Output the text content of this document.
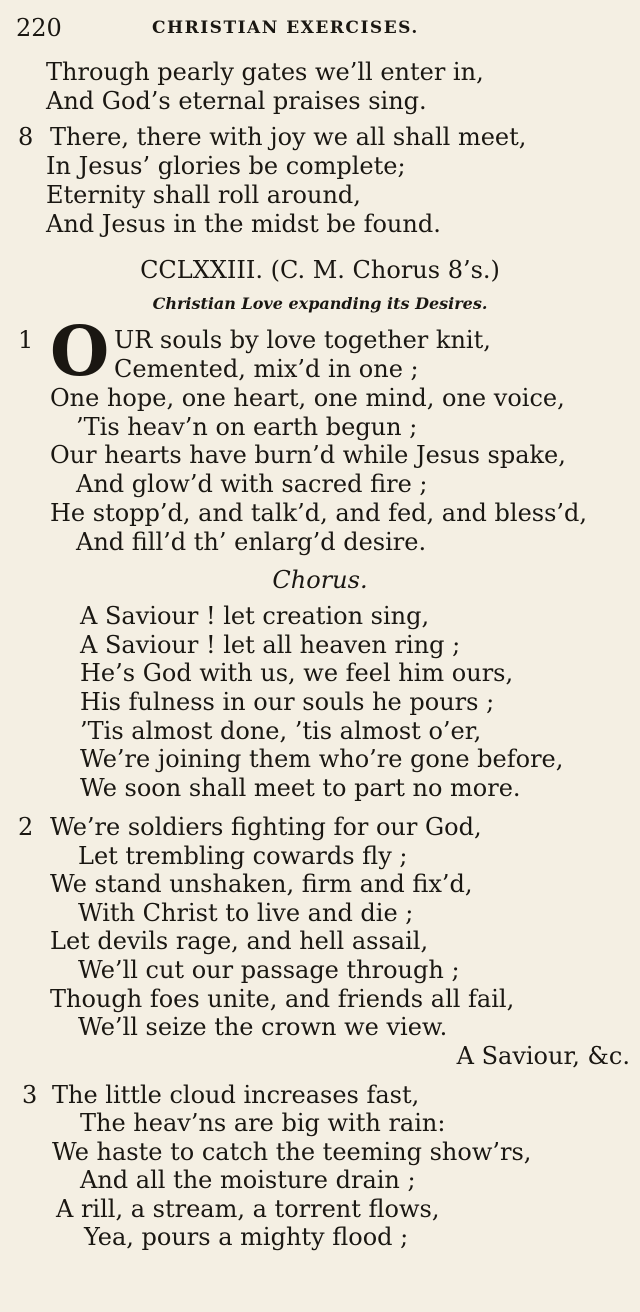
220	CHRISTIAN EXERCISES.
Through pearly gates we’ll enter in,
And God’s eternal praises sing.
8 There, there with joy we all shall meet,
In Jesus’ glories be complete;
Eternity shall roll around,
And Jesus in the midst be found.
CCLXXIII. (C. M. Chorus 8’s.)
Christian Love expanding its Desires.
1 O UR souls by love together knit,
Cemented, mix’d in one ;
One hope, one heart, one mind, one voice,
’Tis heav’n on earth begun ;
Our hearts have burn’d while Jesus spake,
And glow’d with sacred fire ;
He stopp’d, and talk’d, and fed, and bless’d,
And fill’d th’ enlarg’d desire.
Chorus.
A Saviour ! let creation sing,
A Saviour ! let all heaven ring ;
He’s God with us, we feel him ours,
His fulness in our souls he pours ;
’Tis almost done, ’tis almost o’er,
We’re joining them who’re gone before,
We soon shall meet to part no more.
2 We’re soldiers fighting for our God,
Let trembling cowards fly ;
We stand unshaken, firm and fix’d,
With Christ to live and die ;
Let devils rage, and hell assail,
We’ll cut our passage through ;
Though foes unite, and friends all fail,
We’ll seize the crown we view.
A Saviour, &c.
3 The little cloud increases fast,
The heav’ns are big with rain:
We haste to catch the teeming show’rs,
And all the moisture drain ;
A rill, a stream, a torrent flows,
Yea, pours a mighty flood ;
